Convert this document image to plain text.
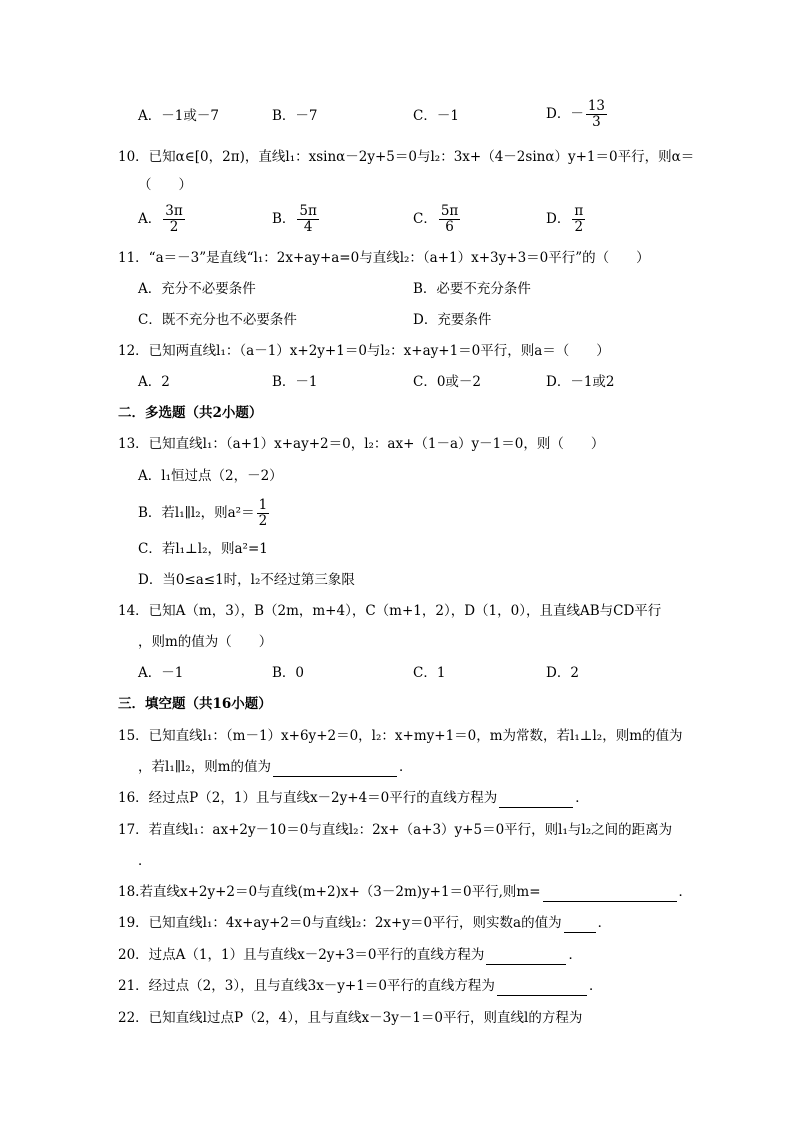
A．－1或－7	B．－7	C．－1	D．－ $\frac{13}{3}$
10．已知α∈[0，2π)，直线l₁：xsinα－2y+5＝0与l₂：3x+（4－2sinα）y+1＝0平行，则α＝
（　　）
A． $\frac{3\pi}{2}$	B． $\frac{5\pi}{4}$	C． $\frac{5\pi}{6}$	D． $\frac{\pi}{2}$
11．“a＝－3”是直线“l₁：2x+ay+a=0与直线l₂：（a+1）x+3y+3＝0平行”的（　　）
A．充分不必要条件	B．必要不充分条件
C．既不充分也不必要条件	D．充要条件
12．已知两直线l₁：（a－1）x+2y+1＝0与l₂：x+ay+1＝0平行，则a＝（　　）
A．2	B．－1	C．0或－2	D．－1或2
二．多选题（共2小题）
13．已知直线l₁：（a+1）x+ay+2＝0，l₂：ax+（1－a）y－1＝0，则（　　）
A．l₁恒过点（2，－2）
B．若l₁∥l₂，则$a^2= \frac{1}{2}$
C．若l₁⊥l₂，则a²=1
D．当0≤a≤1时，l₂不经过第三象限
14．已知A（m，3），B（2m，m+4），C（m+1，2），D（1，0），且直线AB与CD平行
，则m的值为（　　）
A．－1	B．0	C．1	D．2
三．填空题（共16小题）
15．已知直线l₁：（m－1）x+6y+2＝0，l₂：x+my+1＝0，m为常数，若l₁⊥l₂，则m的值为
，若l₁∥l₂，则m的值为	．
16．经过点P（2，1）且与直线x－2y+4＝0平行的直线方程为	．
17．若直线l₁：ax+2y－10＝0与直线l₂：2x+（a+3）y+5＝0平行，则l₁与l₂之间的距离为
．
18.若直线x+2y+2＝0与直线(m+2)x+（3－2m)y+1＝0平行,则m=	．
19．已知直线l₁：4x+ay+2＝0与直线l₂：2x+y＝0平行，则实数a的值为	．
20．过点A（1，1）且与直线x－2y+3＝0平行的直线方程为	．
21．经过点（2，3），且与直线3x－y+1＝0平行的直线方程为	．
22．已知直线l过点P（2，4），且与直线x－3y－1＝0平行，则直线l的方程为
